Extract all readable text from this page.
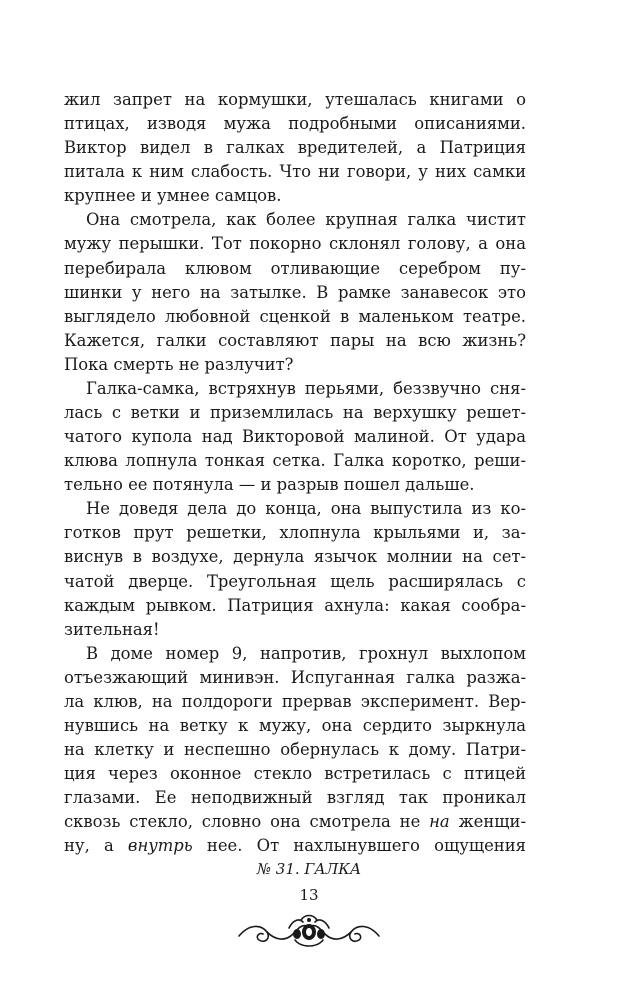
жил запрет на кормушки, утешалась книгами о
птицах, изводя мужа подробными описаниями.
Виктор видел в галках вредителей, а Патриция
питала к ним слабость. Что ни говори, у них самки
крупнее и умнее самцов.
Она смотрела, как более крупная галка чистит
мужу перышки. Тот покорно склонял голову, а она
перебирала клювом отливающие серебром пу-
шинки у него на затылке. В рамке занавесок это
выглядело любовной сценкой в маленьком театре.
Кажется, галки составляют пары на всю жизнь?
Пока смерть не разлучит?
Галка-самка, встряхнув перьями, беззвучно сня-
лась с ветки и приземлилась на верхушку решет-
чатого купола над Викторовой малиной. От удара
клюва лопнула тонкая сетка. Галка коротко, реши-
тельно ее потянула — и разрыв пошел дальше.
Не доведя дела до конца, она выпустила из ко-
готков прут решетки, хлопнула крыльями и, за-
виснув в воздухе, дернула язычок молнии на сет-
чатой дверце. Треугольная щель расширялась с
каждым рывком. Патриция ахнула: какая сообра-
зительная!
В доме номер 9, напротив, грохнул выхлопом
отъезжающий минивэн. Испуганная галка разжа-
ла клюв, на полдороги прервав эксперимент. Вер-
нувшись на ветку к мужу, она сердито зыркнула
на клетку и неспешно обернулась к дому. Патри-
ция через оконное стекло встретилась с птицей
глазами. Ее неподвижный взгляд так проникал
сквозь стекло, словно она смотрела не на женщи-
ну, а внутрь нее. От нахлынувшего ощущения
№ 31. ГАЛКА
13
